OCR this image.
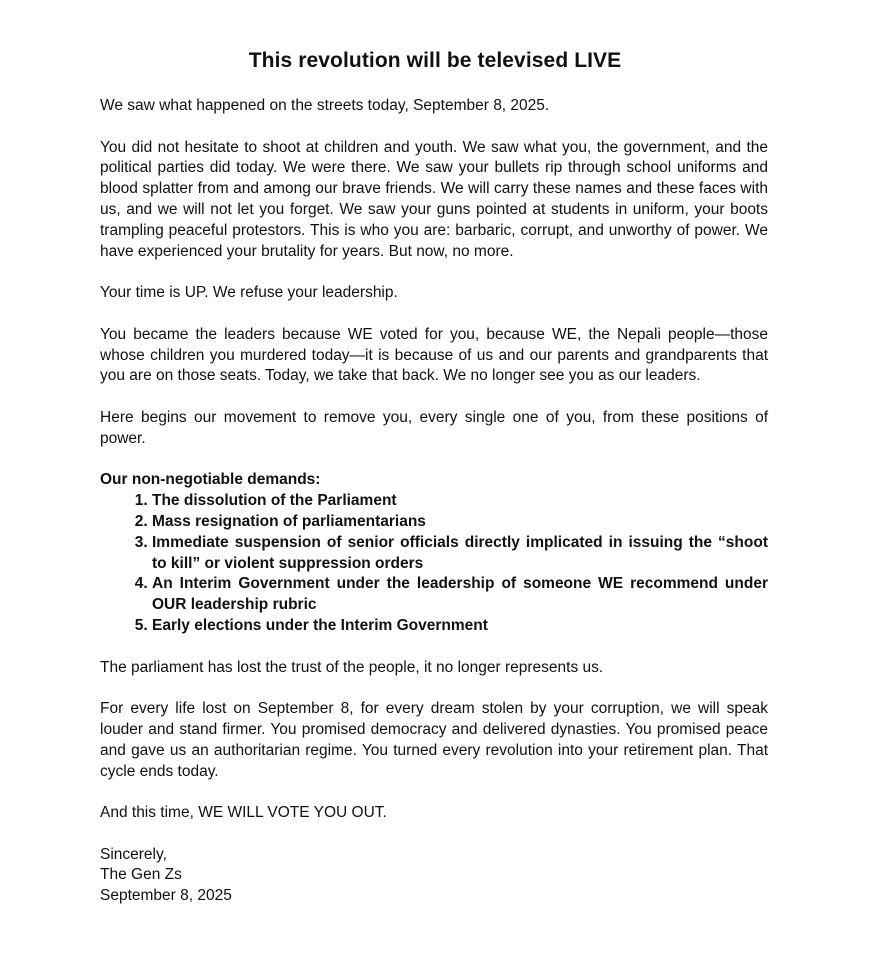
This revolution will be televised LIVE

We saw what happened on the streets today, September 8, 2025.

You did not hesitate to shoot at children and youth. We saw what you, the government, and the political parties did today. We were there. We saw your bullets rip through school uniforms and blood splatter from and among our brave friends. We will carry these names and these faces with us, and we will not let you forget. We saw your guns pointed at students in uniform, your boots trampling peaceful protestors. This is who you are: barbaric, corrupt, and unworthy of power. We have experienced your brutality for years. But now, no more.

Your time is UP. We refuse your leadership.

You became the leaders because WE voted for you, because WE, the Nepali people—those whose children you murdered today—it is because of us and our parents and grandparents that you are on those seats. Today, we take that back. We no longer see you as our leaders.

Here begins our movement to remove you, every single one of you, from these positions of power.

Our non-negotiable demands:
1. The dissolution of the Parliament
2. Mass resignation of parliamentarians
3. Immediate suspension of senior officials directly implicated in issuing the “shoot to kill” or violent suppression orders
4. An Interim Government under the leadership of someone WE recommend under OUR leadership rubric
5. Early elections under the Interim Government

The parliament has lost the trust of the people, it no longer represents us.

For every life lost on September 8, for every dream stolen by your corruption, we will speak louder and stand firmer. You promised democracy and delivered dynasties. You promised peace and gave us an authoritarian regime. You turned every revolution into your retirement plan. That cycle ends today.

And this time, WE WILL VOTE YOU OUT.

Sincerely,
The Gen Zs
September 8, 2025
